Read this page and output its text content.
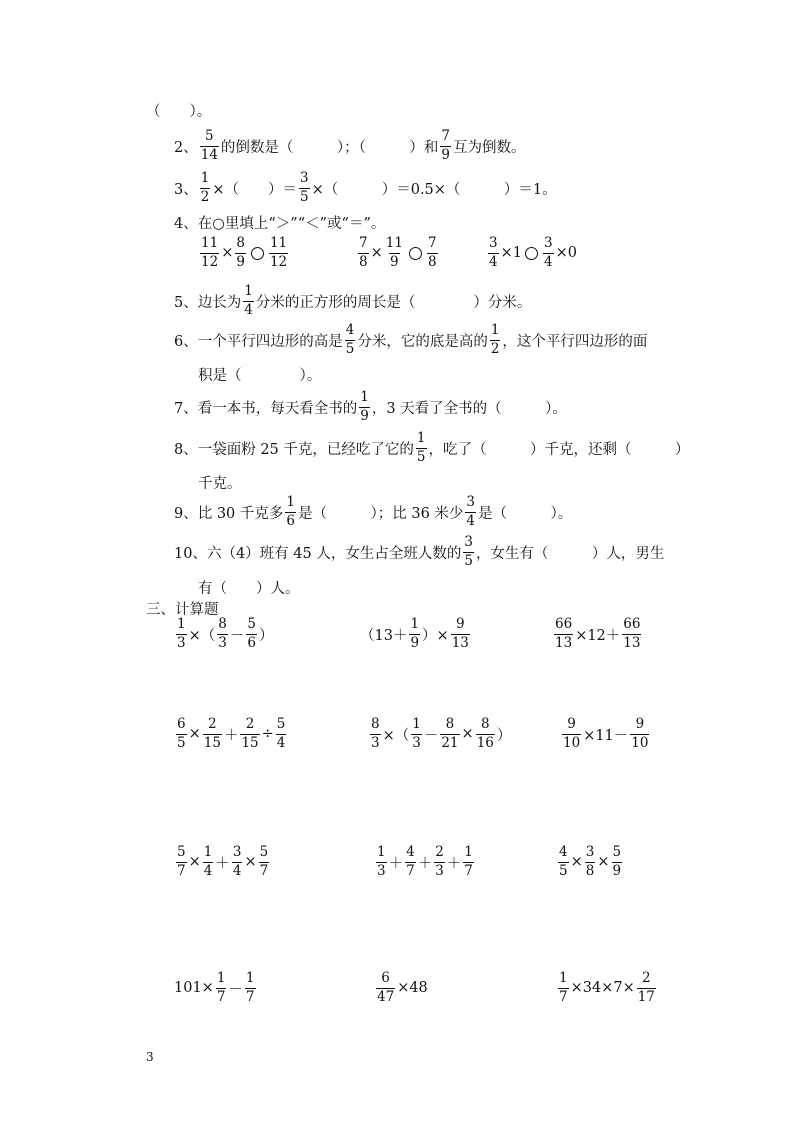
（　　）。
2、 $\frac{5}{14}$ 的倒数是（　　　）；（　　　）和 $\frac{7}{9}$ 互为倒数。
3、 $\frac{1}{2}$ ×（　　）＝ $\frac{3}{5}$ ×（　　　）＝0.5×（　　　）＝1。
4、在○里填上“＞”“＜”或“＝”。
$\frac{11}{12} \times \frac{8}{9} \frac{11}{12}$	$\frac{7}{8} \times \frac{11}{9} \frac{7}{8}$	$\frac{3}{4} \times 1 \frac{3}{4} \times 0$
5、边长为 $\frac{1}{4}$ 分米的正方形的周长是（　　　　）分米。
6、一个平行四边形的高是 $\frac{4}{5}$ 分米，它的底是高的 $\frac{1}{2}$ ，这个平行四边形的面
积是（　　　　）。
7、看一本书，每天看全书的 $\frac{1}{9}$ ，3 天看了全书的（　　　）。
8、一袋面粉 25 千克，已经吃了它的 $\frac{1}{5}$ ，吃了（　　　）千克，还剩（　　　）
千克。
9、比 30 千克多 $\frac{1}{6}$ 是（　　　）；比 36 米少 $\frac{3}{4}$ 是（　　　）。
10、六（4）班有 45 人，女生占全班人数的 $\frac{3}{5}$ ，女生有（　　　）人，男生
有（　　）人。
三、计算题
$\frac{1}{3}$ ×（ $\frac{8}{3} - \frac{5}{6}$ ）	（$13+ \frac{1}{9}$ ）× $\frac{9}{13}$	$\frac{66}{13} \times 12+ \frac{66}{13}$
$\frac{6}{5} \times \frac{2}{15} + \frac{2}{15} \div \frac{5}{4}$	$\frac{8}{3}$ ×（ $\frac{1}{3} - \frac{8}{21} \times \frac{8}{16}$ ）	$\frac{9}{10} \times 11- \frac{9}{10}$
$\frac{5}{7} \times \frac{1}{4} + \frac{3}{4} \times \frac{5}{7}$	$\frac{1}{3} + \frac{4}{7} + \frac{2}{3} + \frac{1}{7}$	$\frac{4}{5} \times \frac{3}{8} \times \frac{5}{9}$
$101\times \frac{1}{7} - \frac{1}{7}$	$\frac{6}{47} \times 48$	$\frac{1}{7} \times 34\times 7\times \frac{2}{17}$
3
